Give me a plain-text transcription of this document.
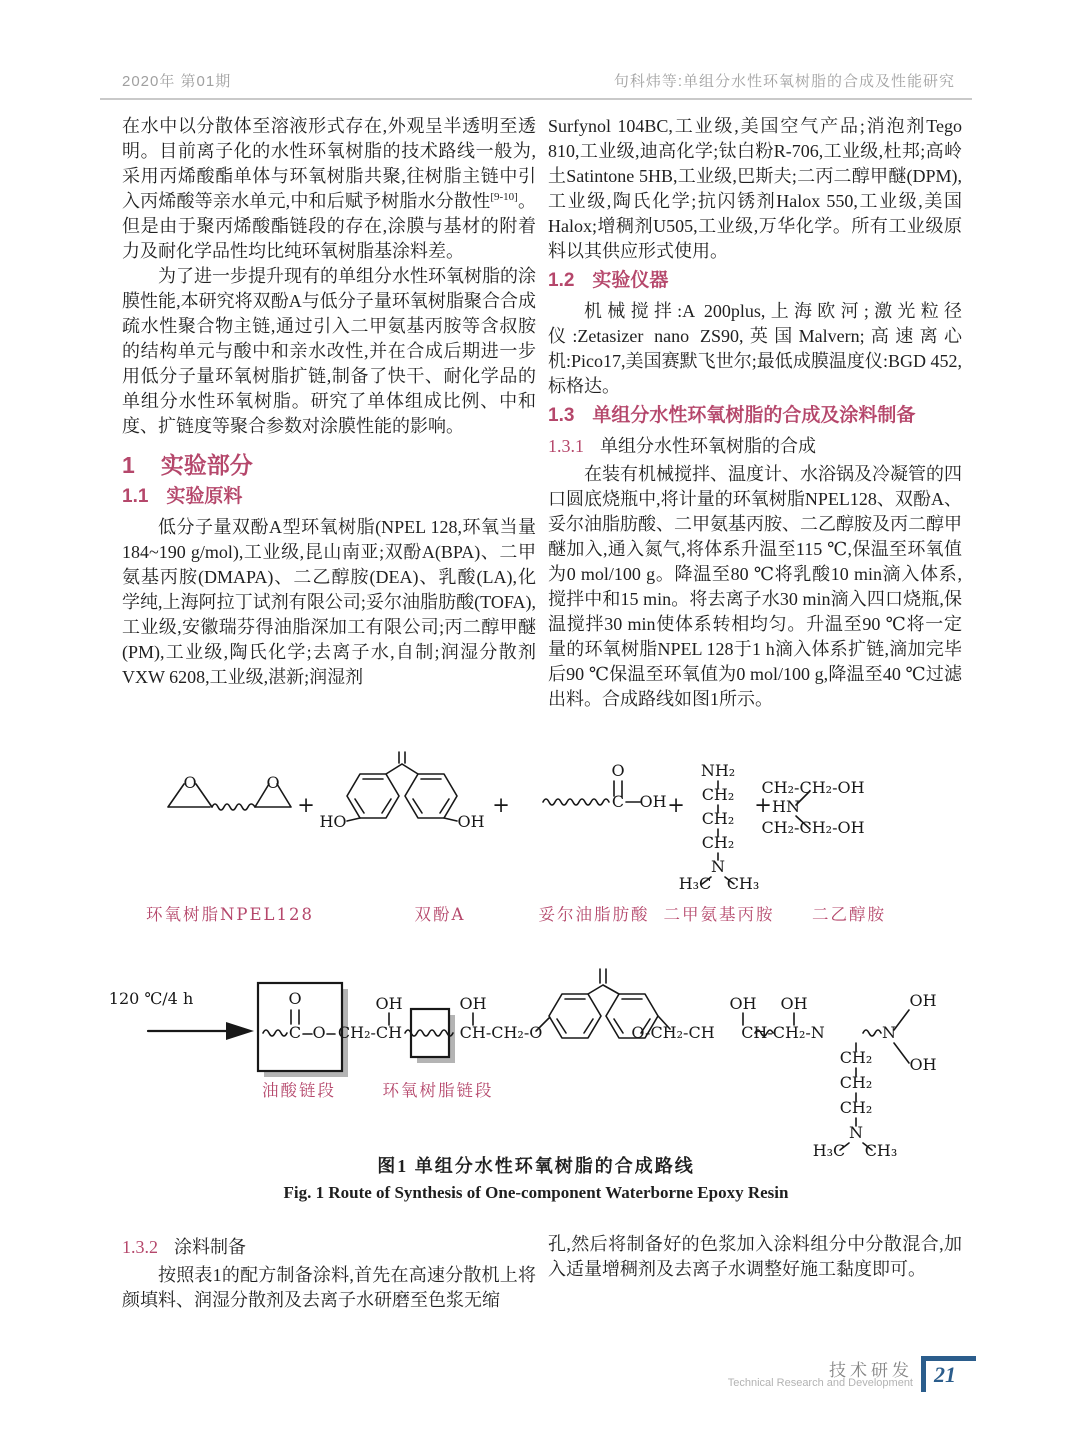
2020年 第01期	句科炜等:单组分水性环氧树脂的合成及性能研究

在水中以分散体至溶液形式存在,外观呈半透明至透明。目前离子化的水性环氧树脂的技术路线一般为,采用丙烯酸酯单体与环氧树脂共聚,往树脂主链中引入丙烯酸等亲水单元,中和后赋予树脂水分散性[9-10]。但是由于聚丙烯酸酯链段的存在,涂膜与基材的附着力及耐化学品性均比纯环氧树脂基涂料差。

为了进一步提升现有的单组分水性环氧树脂的涂膜性能,本研究将双酚A与低分子量环氧树脂聚合合成疏水性聚合物主链,通过引入二甲氨基丙胺等含叔胺的结构单元与酸中和亲水改性,并在合成后期进一步用低分子量环氧树脂扩链,制备了快干、耐化学品的单组分水性环氧树脂。研究了单体组成比例、中和度、扩链度等聚合参数对涂膜性能的影响。

1 实验部分
1.1 实验原料

低分子量双酚A型环氧树脂(NPEL 128,环氧当量184~190 g/mol),工业级,昆山南亚;双酚A(BPA)、二甲氨基丙胺(DMAPA)、二乙醇胺(DEA)、乳酸(LA),化学纯,上海阿拉丁试剂有限公司;妥尔油脂肪酸(TOFA),工业级,安徽瑞芬得油脂深加工有限公司;丙二醇甲醚(PM),工业级,陶氏化学;去离子水,自制;润湿分散剂VXW 6208,工业级,湛新;润湿剂

Surfynol 104BC,工业级,美国空气产品;消泡剂Tego 810,工业级,迪高化学;钛白粉R-706,工业级,杜邦;高岭土Satintone 5HB,工业级,巴斯夫;二丙二醇甲醚(DPM),工业级,陶氏化学;抗闪锈剂Halox 550,工业级,美国Halox;增稠剂U505,工业级,万华化学。所有工业级原料以其供应形式使用。

1.2 实验仪器

机械搅拌:A 200plus,上海欧河;激光粒径仪:Zetasizer nano ZS90,英国Malvern;高速离心机:Pico17,美国赛默飞世尔;最低成膜温度仪:BGD 452,标格达。

1.3 单组分水性环氧树脂的合成及涂料制备
1.3.1 单组分水性环氧树脂的合成

在装有机械搅拌、温度计、水浴锅及冷凝管的四口圆底烧瓶中,将计量的环氧树脂NPEL128、双酚A、妥尔油脂肪酸、二甲氨基丙胺、二乙醇胺及丙二醇甲醚加入,通入氮气,将体系升温至115 ℃,保温至环氧值为0 mol/100 g。降温至80 ℃将乳酸10 min滴入体系,搅拌中和15 min。将去离子水30 min滴入四口烧瓶,保温搅拌30 min使体系转相均匀。升温至90 ℃将一定量的环氧树脂NPEL 128于1 h滴入体系扩链,滴加完毕后90 ℃保温至环氧值为0 mol/100 g,降温至40 ℃过滤出料。合成路线如图1所示。

O	O
+
HO	OH
+
O
C OH +
NH₂
CH₂
CH₂
CH₂
N
H₃C CH₃
+ HN
CH₂-CH₂-OH
CH₂-CH₂-OH
环氧树脂NPEL128	双酚A	妥尔油脂肪酸 二甲氨基丙胺 二乙醇胺
120 ℃/4 h	O
C O CH₂-CH
OH
CH-CH₂-O
OH
O-CH₂-CH
OH
CH-CH₂-N
OH
N
OH
OH
CH₂
CH₂
CH₂
N
H₃C CH₃
油酸链段	环氧树脂链段
图1 单组分水性环氧树脂的合成路线
Fig. 1 Route of Synthesis of One-component Waterborne Epoxy Resin
1.3.2 涂料制备

按照表1的配方制备涂料,首先在高速分散机上将颜填料、润湿分散剂及去离子水研磨至色浆无缩

孔,然后将制备好的色浆加入涂料组分中分散混合,加入适量增稠剂及去离子水调整好施工黏度即可。

技术研发
Technical Research and Development 21
